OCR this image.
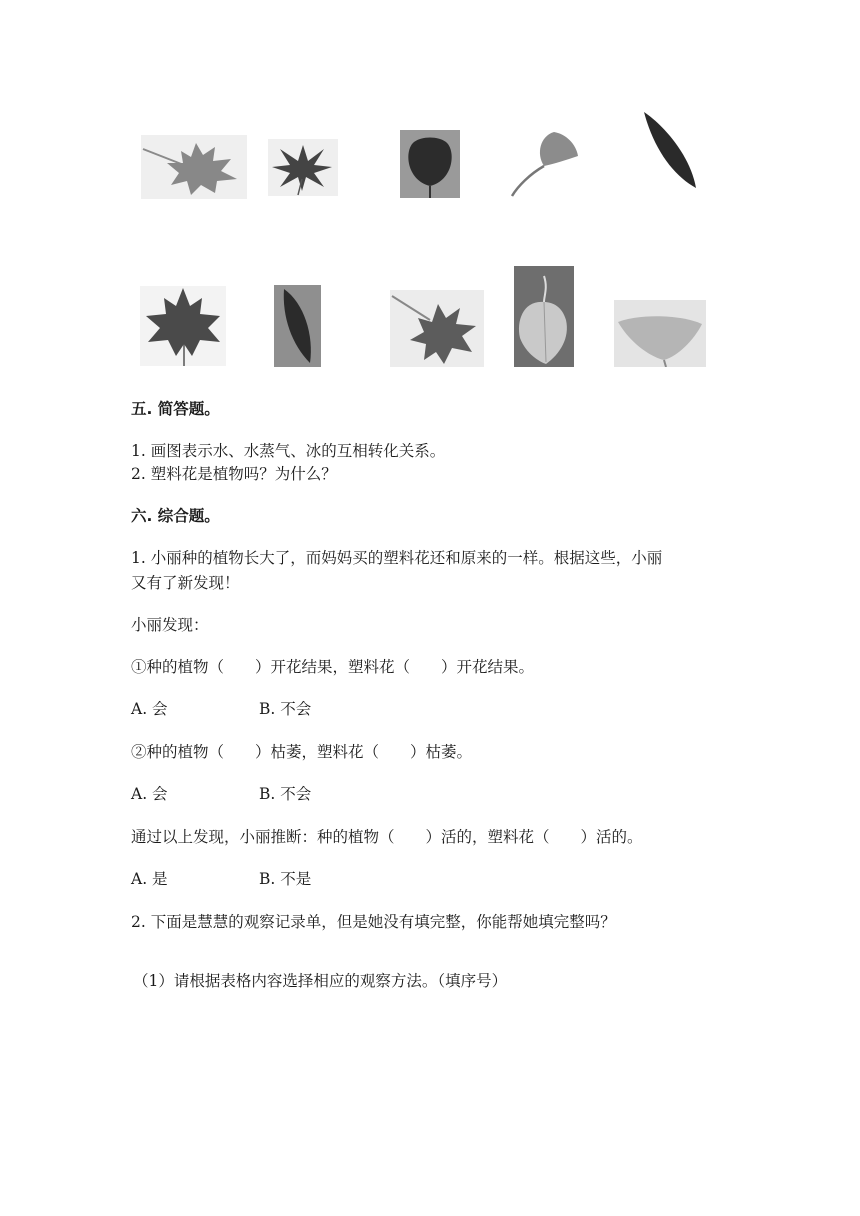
五. 简答题。
1. 画图表示水、水蒸气、冰的互相转化关系。
2. 塑料花是植物吗？为什么？
六. 综合题。
1. 小丽种的植物长大了，而妈妈买的塑料花还和原来的一样。根据这些，小丽
又有了新发现！
小丽发现：
①种的植物（　　）开花结果，塑料花（　　）开花结果。
A. 会	B. 不会
②种的植物（　　）枯萎，塑料花（　　）枯萎。
A. 会	B. 不会
通过以上发现，小丽推断：种的植物（　　）活的，塑料花（　　）活的。
A. 是	B. 不是
2. 下面是慧慧的观察记录单，但是她没有填完整，你能帮她填完整吗？
（1）请根据表格内容选择相应的观察方法。（填序号）
